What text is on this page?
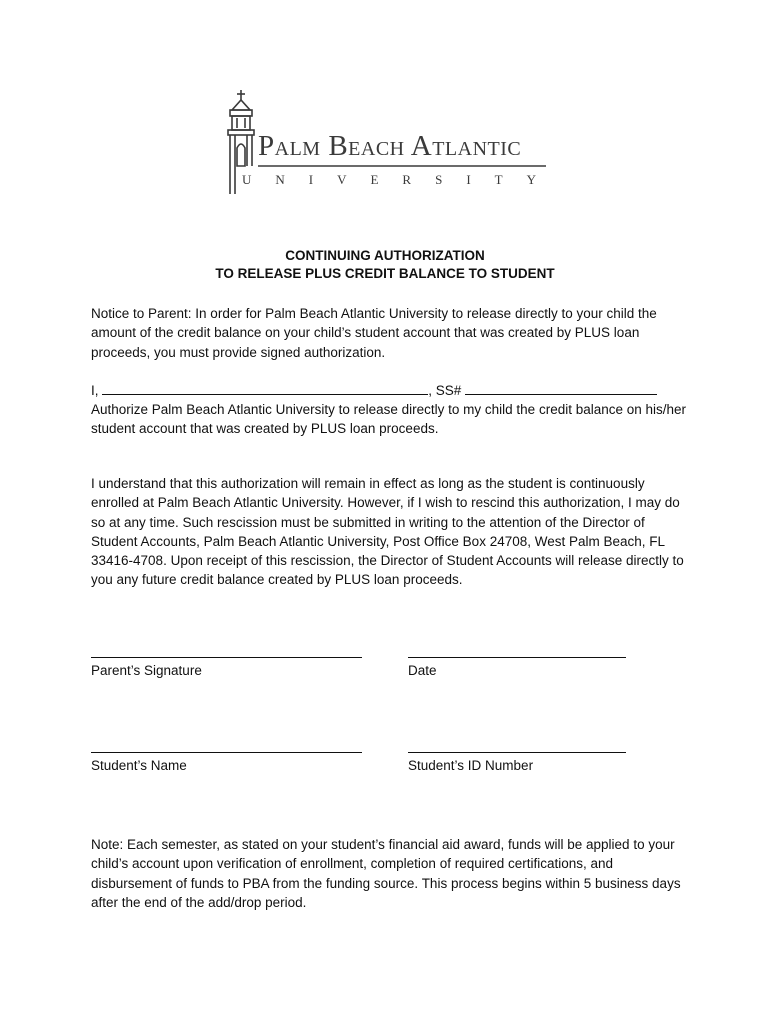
Palm Beach Atlantic
UNIVERSITY
CONTINUING AUTHORIZATION
TO RELEASE PLUS CREDIT BALANCE TO STUDENT
Notice to Parent: In order for Palm Beach Atlantic University to release directly to your child the amount of the credit balance on your child’s student account that was created by PLUS loan proceeds, you must provide signed authorization.
I,	, SS#
Authorize Palm Beach Atlantic University to release directly to my child the credit balance on his/her student account that was created by PLUS loan proceeds.
I understand that this authorization will remain in effect as long as the student is continuously enrolled at Palm Beach Atlantic University. However, if I wish to rescind this authorization, I may do so at any time. Such rescission must be submitted in writing to the attention of the Director of Student Accounts, Palm Beach Atlantic University, Post Office Box 24708, West Palm Beach, FL 33416-4708. Upon receipt of this rescission, the Director of Student Accounts will release directly to you any future credit balance created by PLUS loan proceeds.
Parent’s Signature	Date
Student’s Name	Student’s ID Number
Note: Each semester, as stated on your student’s financial aid award, funds will be applied to your child’s account upon verification of enrollment, completion of required certifications, and disbursement of funds to PBA from the funding source. This process begins within 5 business days after the end of the add/drop period.
